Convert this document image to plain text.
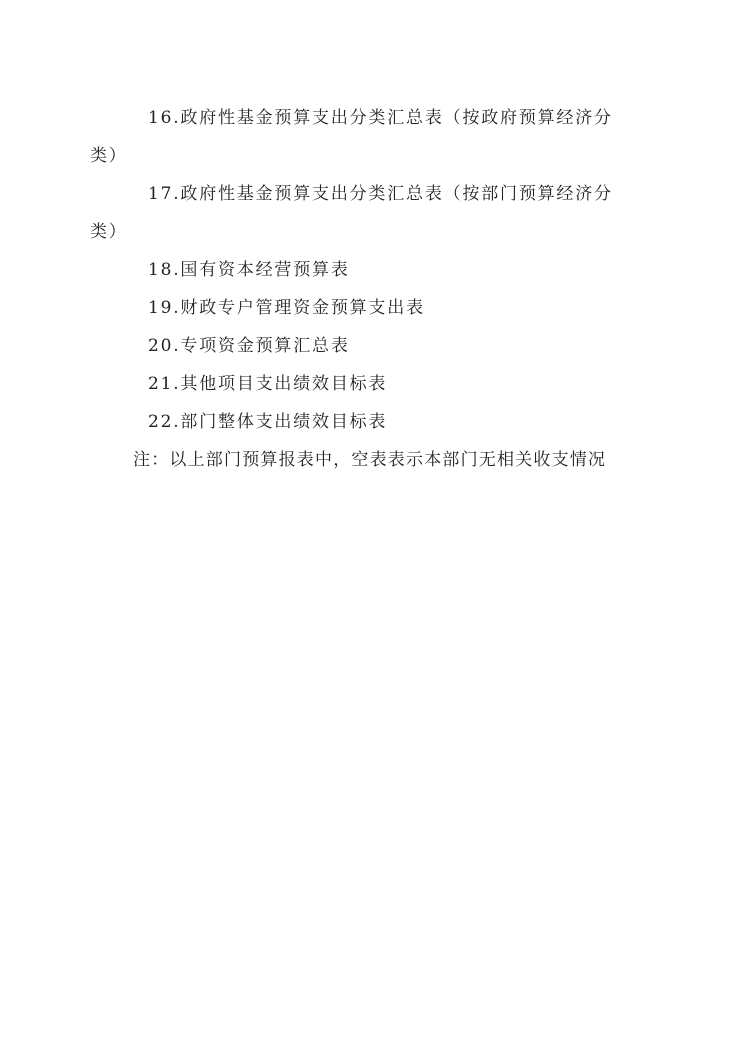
16.政府性基金预算支出分类汇总表（按政府预算经济分
类）
17.政府性基金预算支出分类汇总表（按部门预算经济分
类）
18.国有资本经营预算表
19.财政专户管理资金预算支出表
20.专项资金预算汇总表
21.其他项目支出绩效目标表
22.部门整体支出绩效目标表
注：以上部门预算报表中，空表表示本部门无相关收支情况
